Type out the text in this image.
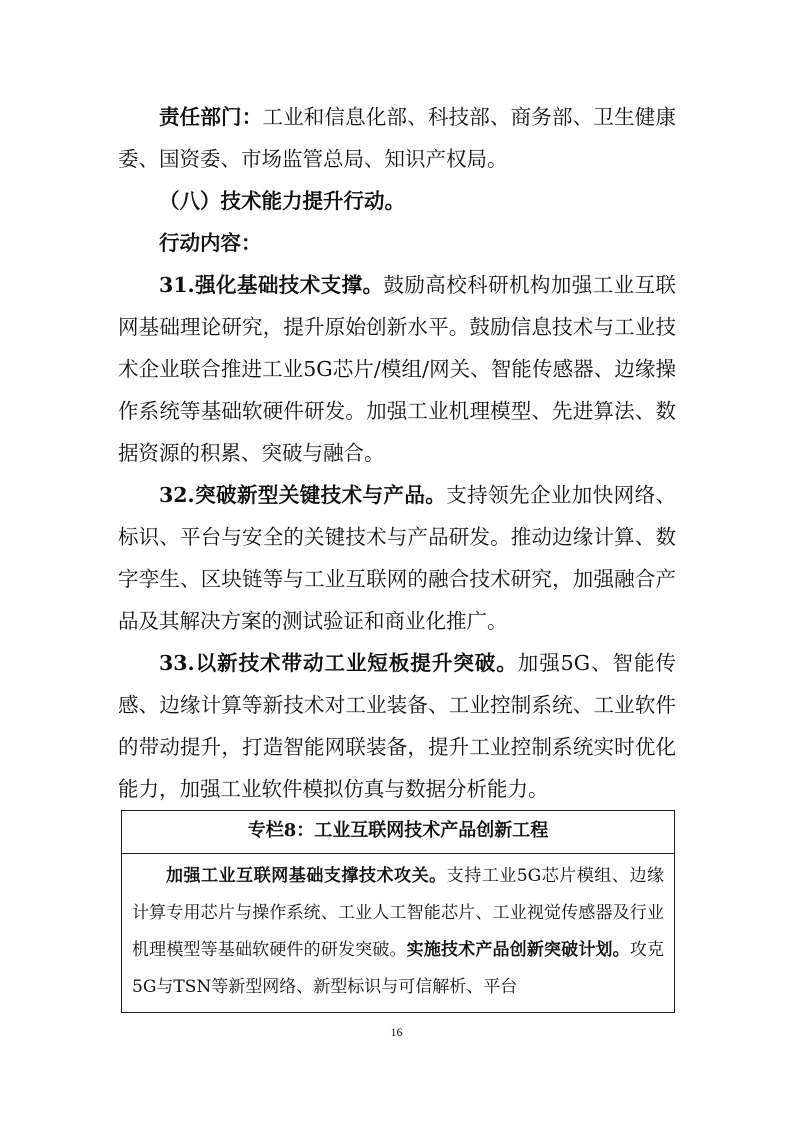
责任部门：工业和信息化部、科技部、商务部、卫生健康委、国资委、市场监管总局、知识产权局。

（八）技术能力提升行动。

行动内容：

31.强化基础技术支撑。鼓励高校科研机构加强工业互联网基础理论研究，提升原始创新水平。鼓励信息技术与工业技术企业联合推进工业5G芯片/模组/网关、智能传感器、边缘操作系统等基础软硬件研发。加强工业机理模型、先进算法、数据资源的积累、突破与融合。

32.突破新型关键技术与产品。支持领先企业加快网络、标识、平台与安全的关键技术与产品研发。推动边缘计算、数字孪生、区块链等与工业互联网的融合技术研究，加强融合产品及其解决方案的测试验证和商业化推广。

33.以新技术带动工业短板提升突破。加强5G、智能传感、边缘计算等新技术对工业装备、工业控制系统、工业软件的带动提升，打造智能网联装备，提升工业控制系统实时优化能力，加强工业软件模拟仿真与数据分析能力。

专栏8：工业互联网技术产品创新工程

加强工业互联网基础支撑技术攻关。支持工业5G芯片模组、边缘计算专用芯片与操作系统、工业人工智能芯片、工业视觉传感器及行业机理模型等基础软硬件的研发突破。实施技术产品创新突破计划。攻克5G与TSN等新型网络、新型标识与可信解析、平台

16
